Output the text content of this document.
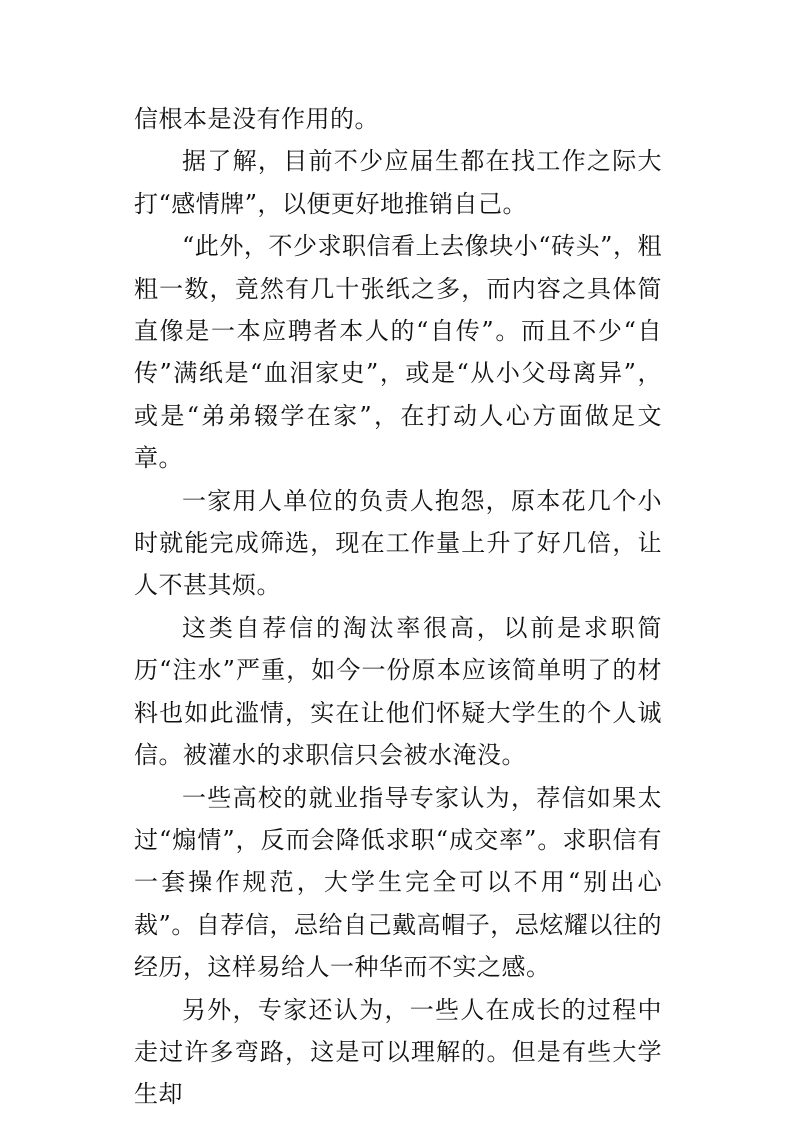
信根本是没有作用的。

据了解，目前不少应届生都在找工作之际大打“感情牌”，以便更好地推销自己。

“此外，不少求职信看上去像块小“砖头”，粗粗一数，竟然有几十张纸之多，而内容之具体简直像是一本应聘者本人的“自传”。而且不少“自传”满纸是“血泪家史”，或是“从小父母离异”，或是“弟弟辍学在家”，在打动人心方面做足文章。

一家用人单位的负责人抱怨，原本花几个小时就能完成筛选，现在工作量上升了好几倍，让人不甚其烦。

这类自荐信的淘汰率很高，以前是求职简历“注水”严重，如今一份原本应该简单明了的材料也如此滥情，实在让他们怀疑大学生的个人诚信。被灌水的求职信只会被水淹没。

一些高校的就业指导专家认为，荐信如果太过“煽情”，反而会降低求职“成交率”。求职信有一套操作规范，大学生完全可以不用“别出心裁”。自荐信，忌给自己戴高帽子，忌炫耀以往的经历，这样易给人一种华而不实之感。

另外，专家还认为，一些人在成长的过程中走过许多弯路，这是可以理解的。但是有些大学生却
